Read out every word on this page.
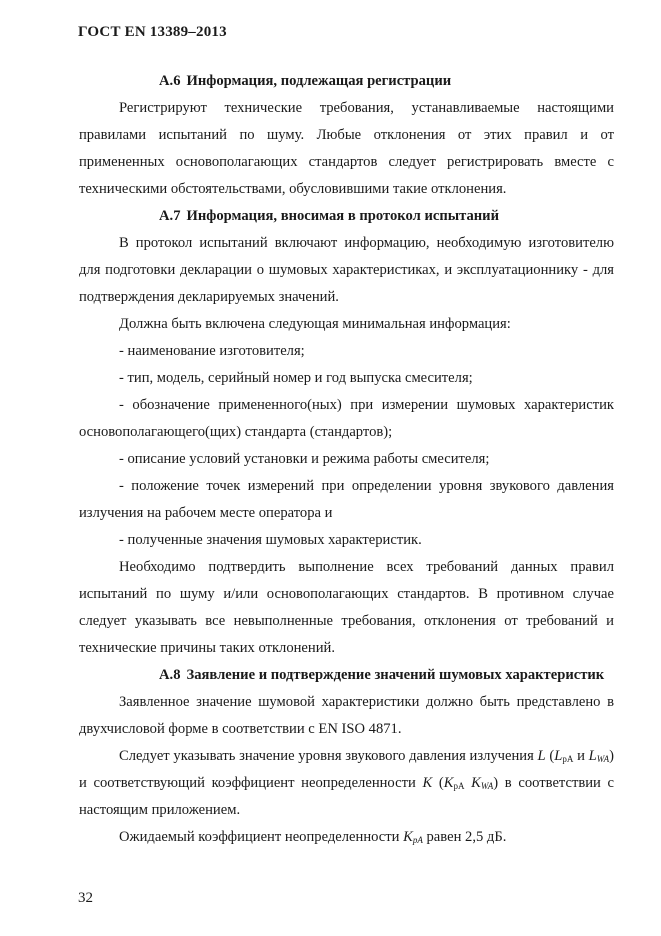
ГОСТ EN 13389–2013

А.6 Информация, подлежащая регистрации

Регистрируют технические требования, устанавливаемые настоящими правилами испытаний по шуму. Любые отклонения от этих правил и от примененных основополагающих стандартов следует регистрировать вместе с техническими обстоятельствами, обусловившими такие отклонения.

А.7 Информация, вносимая в протокол испытаний

В протокол испытаний включают информацию, необходимую изготовителю для подготовки декларации о шумовых характеристиках, и эксплуатационнику - для подтверждения декларируемых значений.

Должна быть включена следующая минимальная информация:

- наименование изготовителя;

- тип, модель, серийный номер и год выпуска смесителя;

- обозначение примененного(ных) при измерении шумовых характеристик основополагающего(щих) стандарта (стандартов);

- описание условий установки и режима работы смесителя;

- положение точек измерений при определении уровня звукового давления излучения на рабочем месте оператора и

- полученные значения шумовых характеристик.

Необходимо подтвердить выполнение всех требований данных правил испытаний по шуму и/или основополагающих стандартов. В противном случае следует указывать все невыполненные требования, отклонения от требований и технические причины таких отклонений.

А.8 Заявление и подтверждение значений шумовых характеристик

Заявленное значение шумовой характеристики должно быть представлено в двухчисловой форме в соответствии с EN ISO 4871.

Следует указывать значение уровня звукового давления излучения L ($L_{pA}$ и $L_{WA}$) и соответствующий коэффициент неопределенности K ($K_{pA}$ $K_{WA}$) в соответствии с настоящим приложением.

Ожидаемый коэффициент неопределенности $K_{pA}$ равен 2,5 дБ.

32
